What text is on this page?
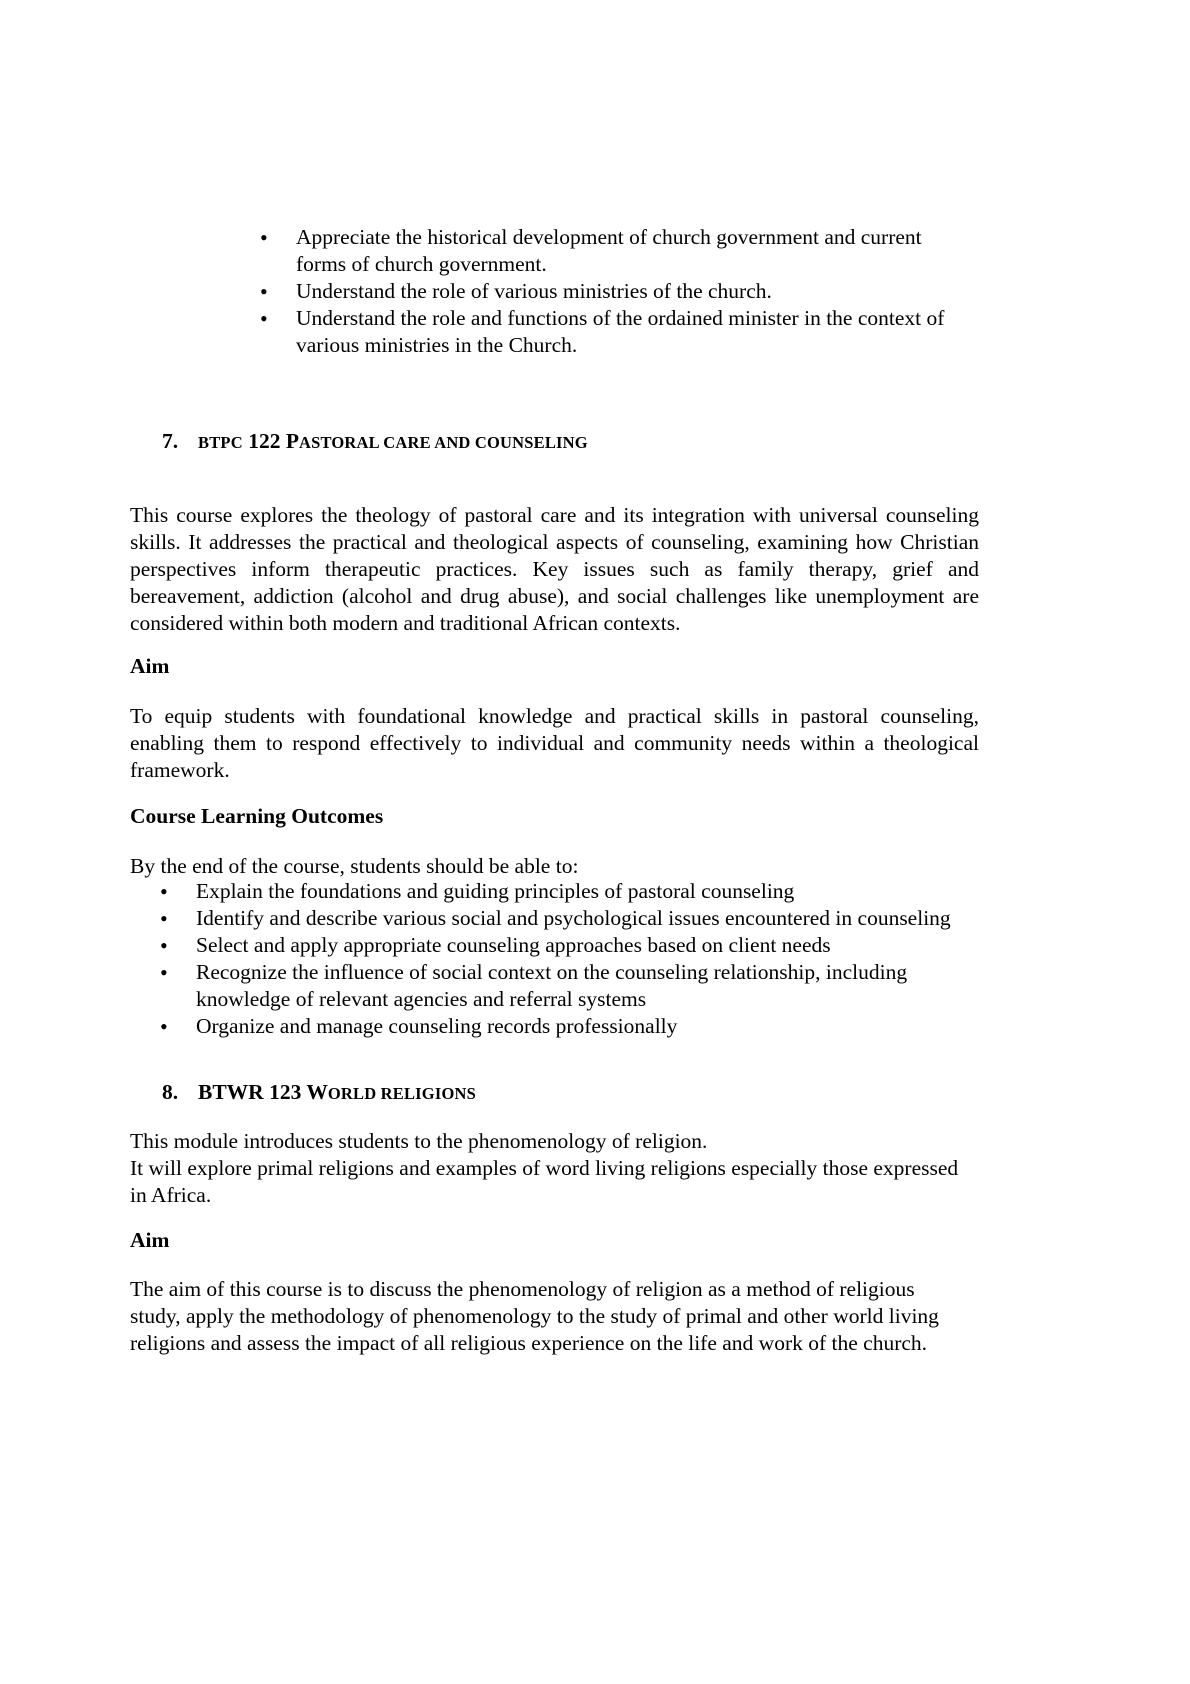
• Appreciate the historical development of church government and current forms of church government.
• Understand the role of various ministries of the church.
• Understand the role and functions of the ordained minister in the context of various ministries in the Church.
7. BTPC 122 PASTORAL CARE AND COUNSELING
This course explores the theology of pastoral care and its integration with universal counseling
skills. It addresses the practical and theological aspects of counseling, examining how Christian
perspectives inform therapeutic practices. Key issues such as family therapy, grief and
bereavement, addiction (alcohol and drug abuse), and social challenges like unemployment are
considered within both modern and traditional African contexts.
Aim
To equip students with foundational knowledge and practical skills in pastoral counseling,
enabling them to respond effectively to individual and community needs within a theological
framework.
Course Learning Outcomes
By the end of the course, students should be able to:
• Explain the foundations and guiding principles of pastoral counseling
• Identify and describe various social and psychological issues encountered in counseling
• Select and apply appropriate counseling approaches based on client needs
• Recognize the influence of social context on the counseling relationship, including knowledge of relevant agencies and referral systems
• Organize and manage counseling records professionally
8. BTWR 123 WORLD RELIGIONS
This module introduces students to the phenomenology of religion.
It will explore primal religions and examples of word living religions especially those expressed in Africa.
Aim
The aim of this course is to discuss the phenomenology of religion as a method of religious study, apply the methodology of phenomenology to the study of primal and other world living religions and assess the impact of all religious experience on the life and work of the church.
